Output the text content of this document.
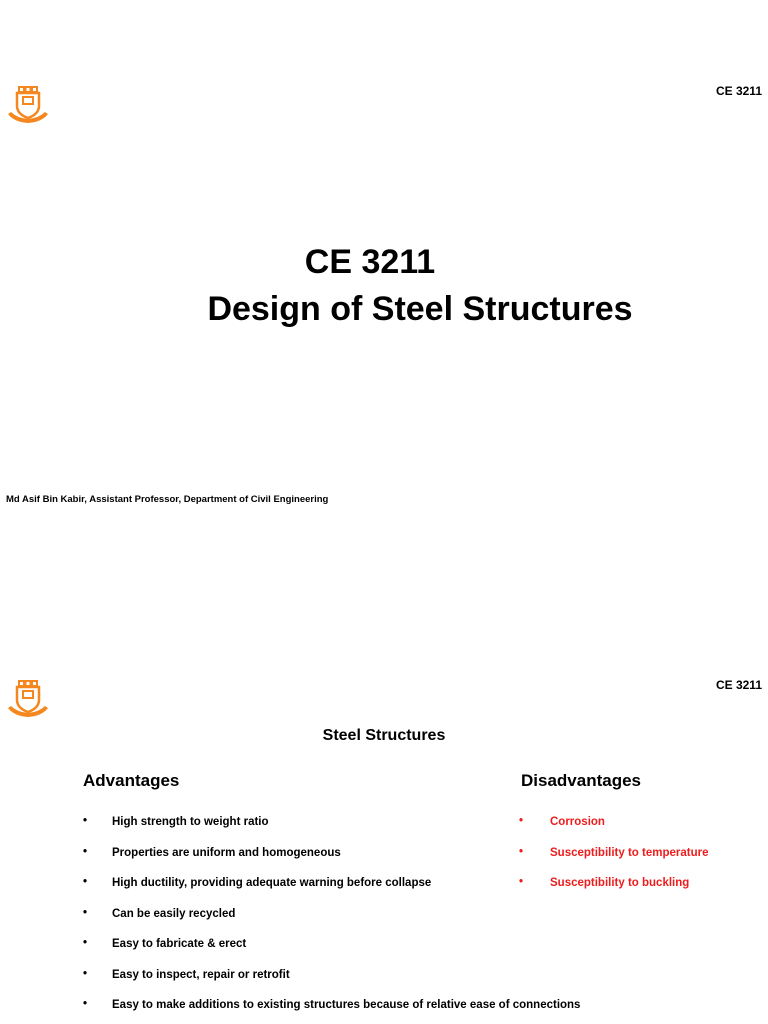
CE 3211
CE 3211
Design of Steel Structures
Md Asif Bin Kabir, Assistant Professor, Department of Civil Engineering
CE 3211
Steel Structures
Advantages	Disadvantages
• High strength to weight ratio
• Properties are uniform and homogeneous
• High ductility, providing adequate warning before collapse
• Can be easily recycled
• Easy to fabricate & erect
• Easy to inspect, repair or retrofit
• Easy to make additions to existing structures because of relative ease of connections
• Corrosion
• Susceptibility to temperature
• Susceptibility to buckling
